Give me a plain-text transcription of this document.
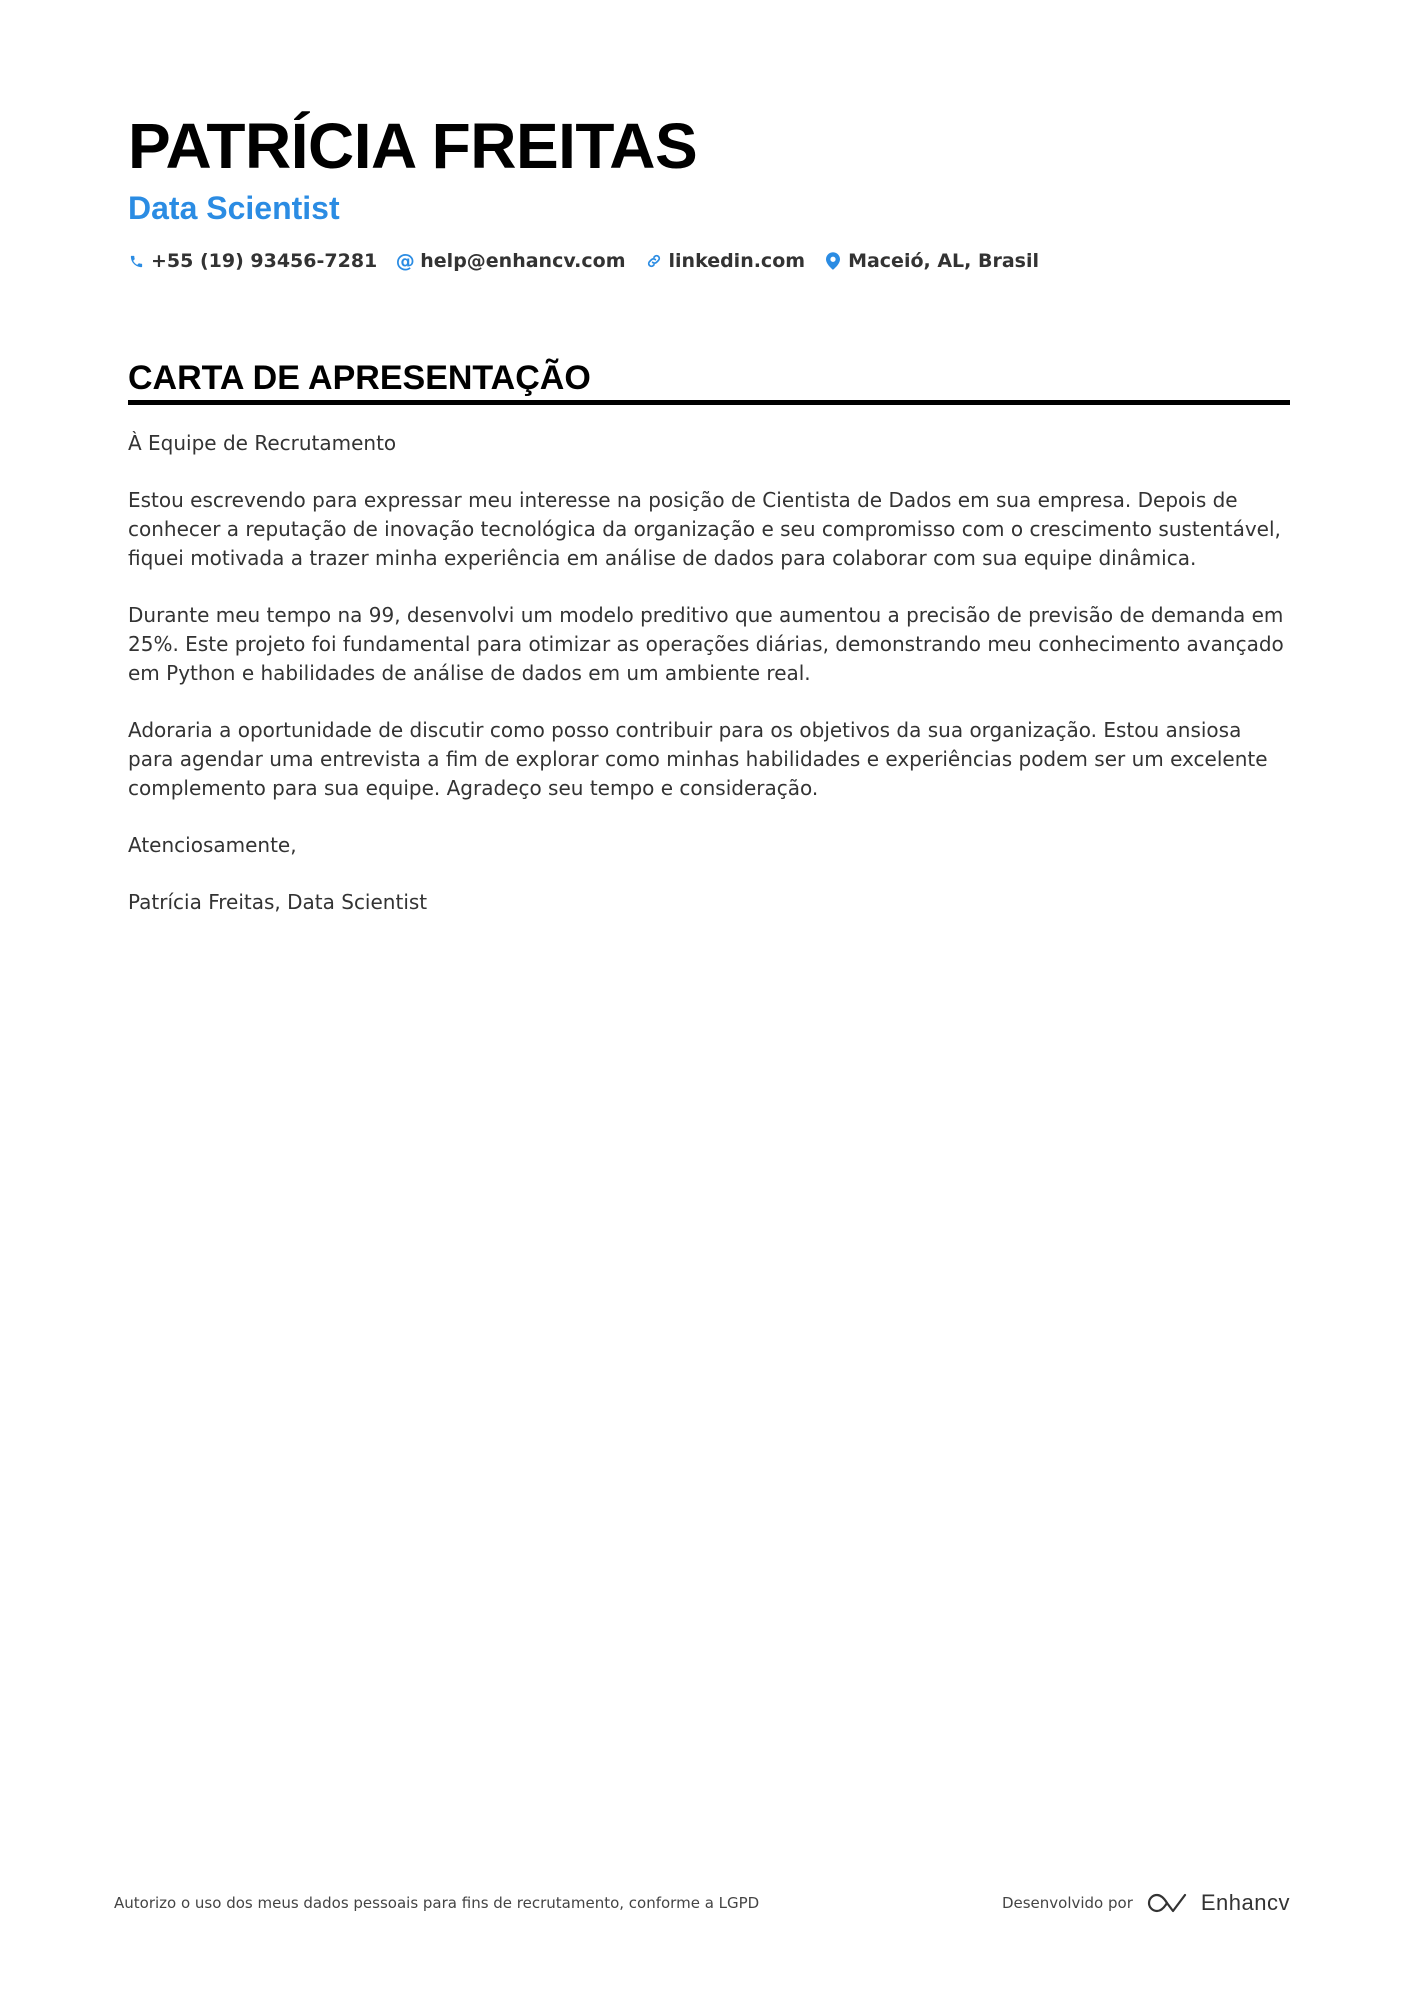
PATRÍCIA FREITAS
Data Scientist
+55 (19) 93456-7281 @ help@enhancv.com linkedin.com Maceió, AL, Brasil
CARTA DE APRESENTAÇÃO

À Equipe de Recrutamento

Estou escrevendo para expressar meu interesse na posição de Cientista de Dados em sua empresa. Depois de conhecer a reputação de inovação tecnológica da organização e seu compromisso com o crescimento sustentável, fiquei motivada a trazer minha experiência em análise de dados para colaborar com sua equipe dinâmica.

Durante meu tempo na 99, desenvolvi um modelo preditivo que aumentou a precisão de previsão de demanda em 25%. Este projeto foi fundamental para otimizar as operações diárias, demonstrando meu conhecimento avançado em Python e habilidades de análise de dados em um ambiente real.

Adoraria a oportunidade de discutir como posso contribuir para os objetivos da sua organização. Estou ansiosa para agendar uma entrevista a fim de explorar como minhas habilidades e experiências podem ser um excelente complemento para sua equipe. Agradeço seu tempo e consideração.

Atenciosamente,

Patrícia Freitas, Data Scientist

Autorizo o uso dos meus dados pessoais para fins de recrutamento, conforme a LGPD	Desenvolvido por	Enhancv
